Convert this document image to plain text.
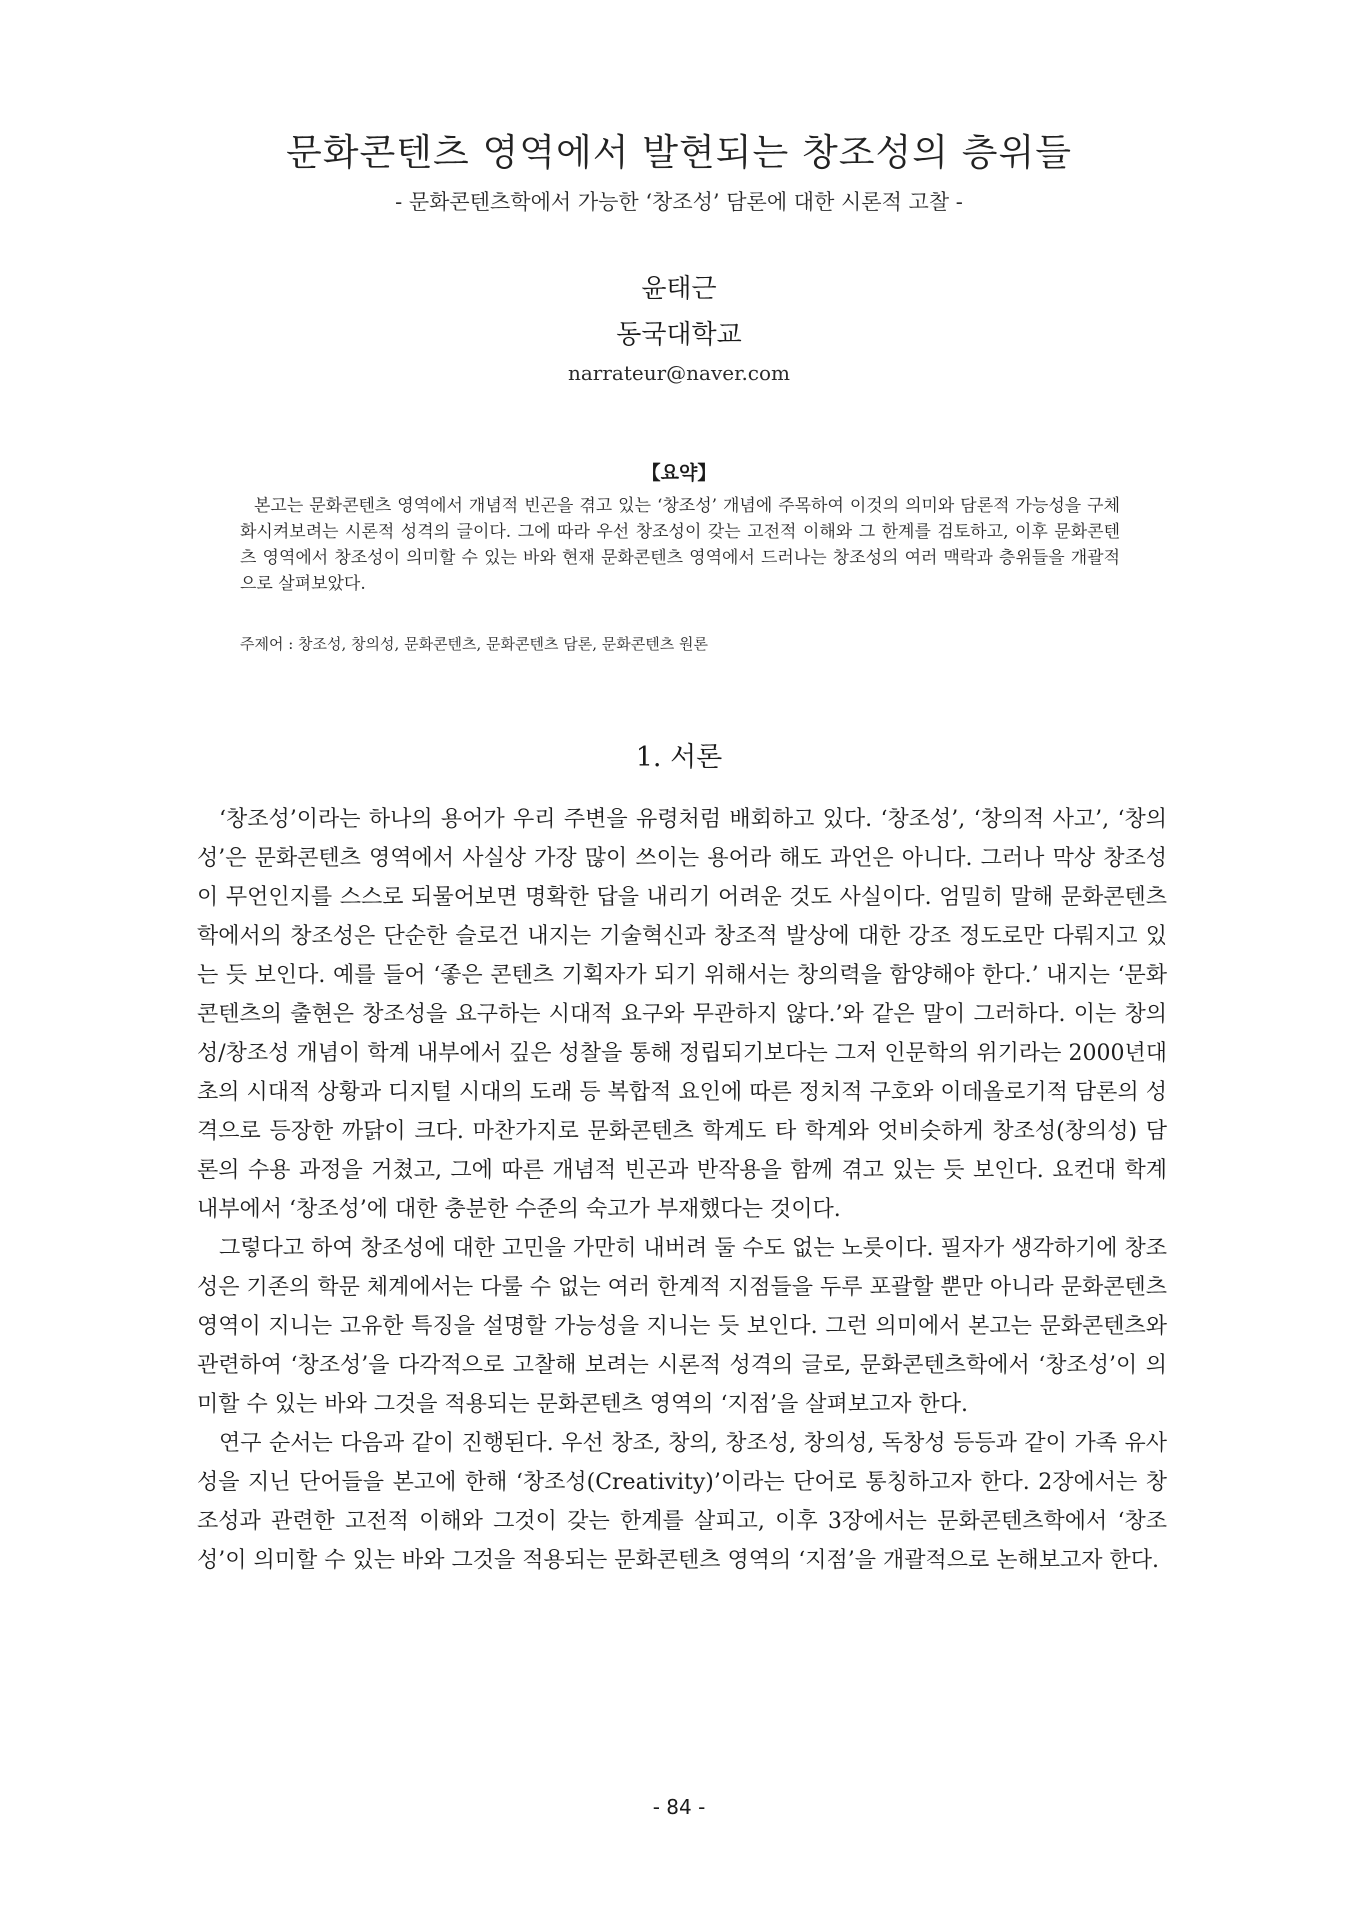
문화콘텐츠 영역에서 발현되는 창조성의 층위들
- 문화콘텐츠학에서 가능한 ‘창조성’ 담론에 대한 시론적 고찰 -
윤태근
동국대학교
narrateur@naver.com
【요약】
본고는 문화콘텐츠 영역에서 개념적 빈곤을 겪고 있는 ‘창조성’ 개념에 주목하여 이것의 의미와 담론적 가능성을 구체화시켜보려는 시론적 성격의 글이다. 그에 따라 우선 창조성이 갖는 고전적 이해와 그 한계를 검토하고, 이후 문화콘텐츠 영역에서 창조성이 의미할 수 있는 바와 현재 문화콘텐츠 영역에서 드러나는 창조성의 여러 맥락과 층위들을 개괄적으로 살펴보았다.
주제어 : 창조성, 창의성, 문화콘텐츠, 문화콘텐츠 담론, 문화콘텐츠 원론
1. 서론

‘창조성’이라는 하나의 용어가 우리 주변을 유령처럼 배회하고 있다. ‘창조성’, ‘창의적 사고’, ‘창의성’은 문화콘텐츠 영역에서 사실상 가장 많이 쓰이는 용어라 해도 과언은 아니다. 그러나 막상 창조성이 무언인지를 스스로 되물어보면 명확한 답을 내리기 어려운 것도 사실이다. 엄밀히 말해 문화콘텐츠학에서의 창조성은 단순한 슬로건 내지는 기술혁신과 창조적 발상에 대한 강조 정도로만 다뤄지고 있는 듯 보인다. 예를 들어 ‘좋은 콘텐츠 기획자가 되기 위해서는 창의력을 함양해야 한다.’ 내지는 ‘문화콘텐츠의 출현은 창조성을 요구하는 시대적 요구와 무관하지 않다.’와 같은 말이 그러하다. 이는 창의성/창조성 개념이 학계 내부에서 깊은 성찰을 통해 정립되기보다는 그저 인문학의 위기라는 2000년대 초의 시대적 상황과 디지털 시대의 도래 등 복합적 요인에 따른 정치적 구호와 이데올로기적 담론의 성격으로 등장한 까닭이 크다. 마찬가지로 문화콘텐츠 학계도 타 학계와 엇비슷하게 창조성(창의성) 담론의 수용 과정을 거쳤고, 그에 따른 개념적 빈곤과 반작용을 함께 겪고 있는 듯 보인다. 요컨대 학계 내부에서 ‘창조성’에 대한 충분한 수준의 숙고가 부재했다는 것이다.

그렇다고 하여 창조성에 대한 고민을 가만히 내버려 둘 수도 없는 노릇이다. 필자가 생각하기에 창조성은 기존의 학문 체계에서는 다룰 수 없는 여러 한계적 지점들을 두루 포괄할 뿐만 아니라 문화콘텐츠 영역이 지니는 고유한 특징을 설명할 가능성을 지니는 듯 보인다. 그런 의미에서 본고는 문화콘텐츠와 관련하여 ‘창조성’을 다각적으로 고찰해 보려는 시론적 성격의 글로, 문화콘텐츠학에서 ‘창조성’이 의미할 수 있는 바와 그것을 적용되는 문화콘텐츠 영역의 ‘지점’을 살펴보고자 한다.

연구 순서는 다음과 같이 진행된다. 우선 창조, 창의, 창조성, 창의성, 독창성 등등과 같이 가족 유사성을 지닌 단어들을 본고에 한해 ‘창조성(Creativity)’이라는 단어로 통칭하고자 한다. 2장에서는 창조성과 관련한 고전적 이해와 그것이 갖는 한계를 살피고, 이후 3장에서는 문화콘텐츠학에서 ‘창조성’이 의미할 수 있는 바와 그것을 적용되는 문화콘텐츠 영역의 ‘지점’을 개괄적으로 논해보고자 한다.

- 84 -
